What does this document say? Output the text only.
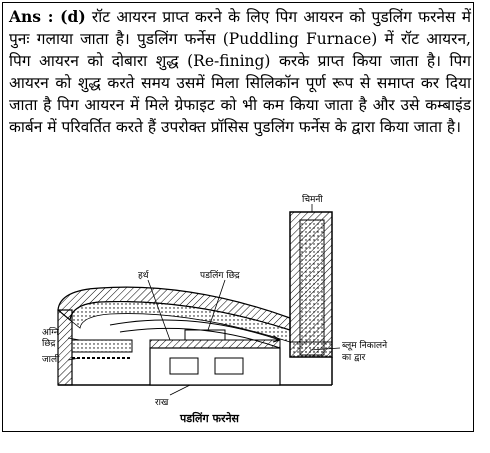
Ans : (d) रॉट आयरन प्राप्त करने के लिए पिग आयरन को पुडलिंग फरनेस में पुनः गलाया जाता है। पुडलिंग फर्नेस (Puddling Furnace) में रॉट आयरन, पिग आयरन को दोबारा शुद्ध (Re-fining) करके प्राप्त किया जाता है। पिग आयरन को शुद्ध करते समय उसमें मिला सिलिकॉन पूर्ण रूप से समाप्त कर दिया जाता है पिग आयरन में मिले ग्रेफाइट को भी कम किया जाता है और उसे कम्बाइंड कार्बन में परिवर्तित करते हैं उपरोक्त प्रॉसिस पुडलिंग फर्नेस के द्वारा किया जाता है।

चिमनी
हर्थ	पडलिंग छिद्र
अग्नि
छिद्र
जाली
ब्लूम निकालने
का द्वार
राख
पडलिंग फरनेस
